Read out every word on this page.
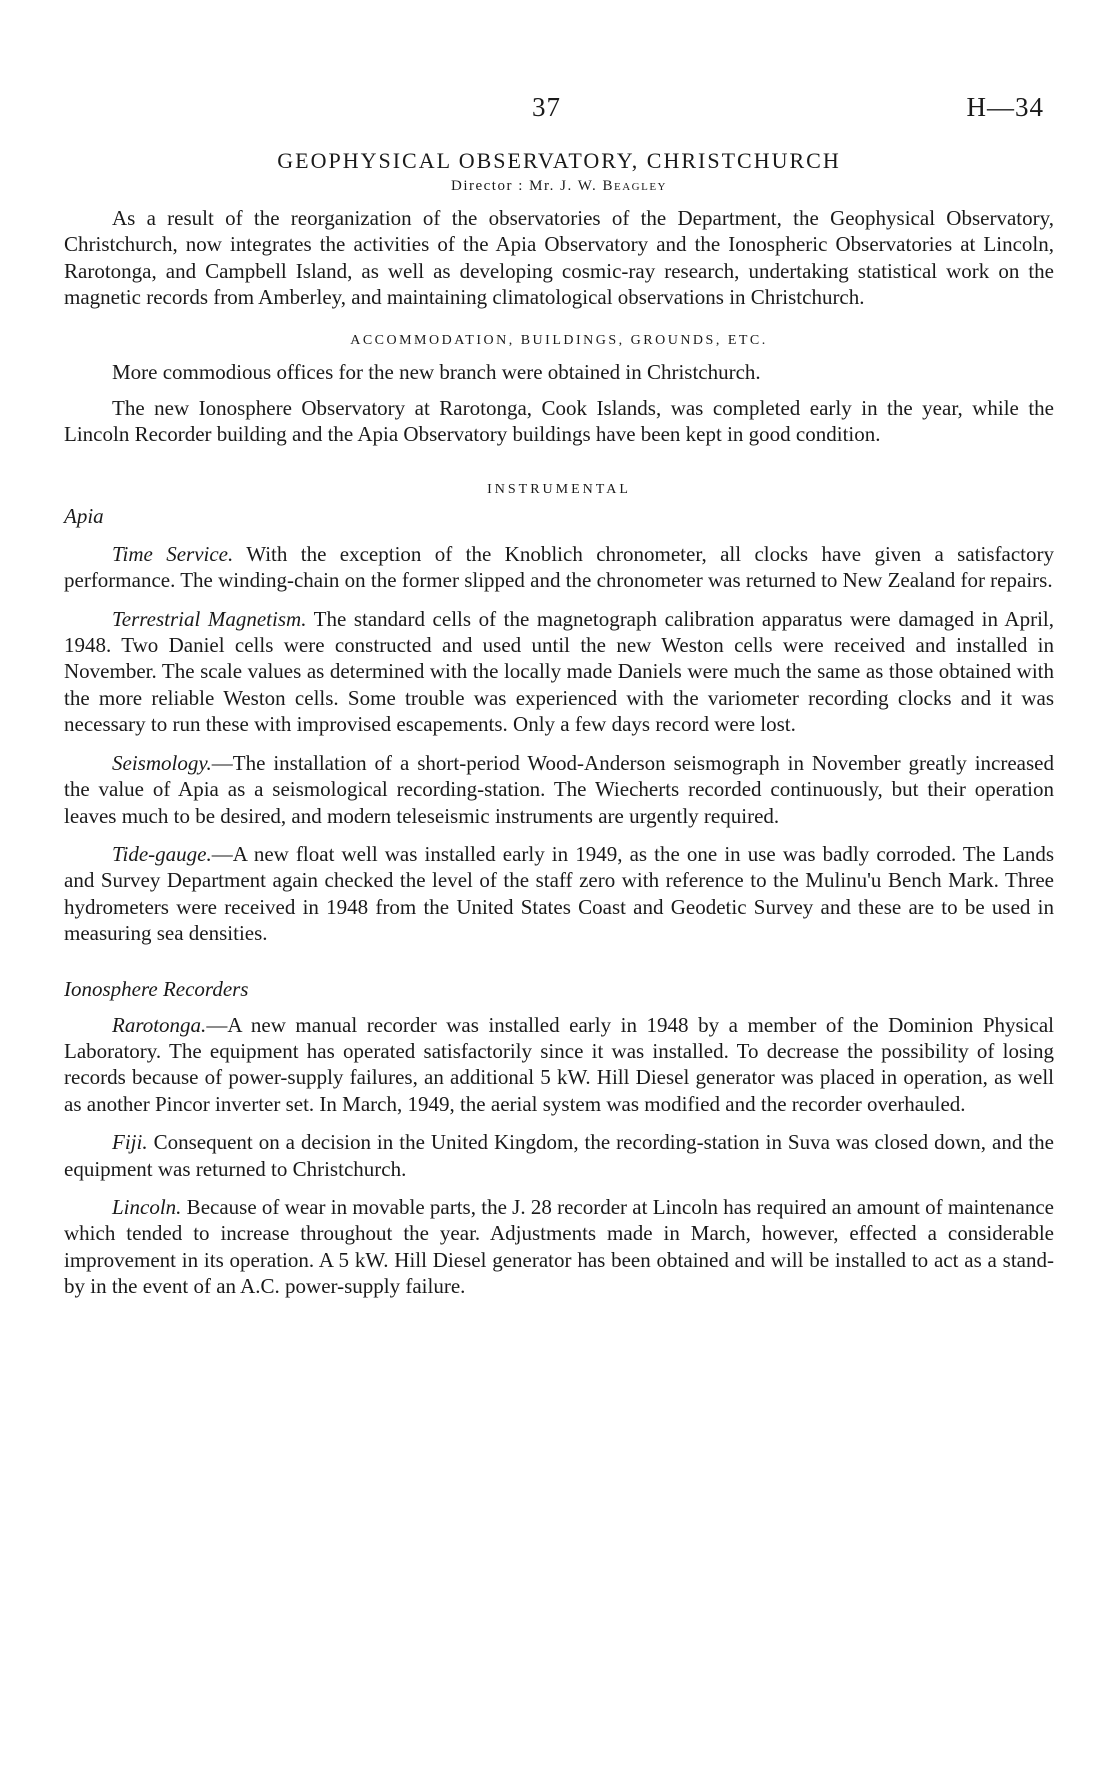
37	H—34
GEOPHYSICAL OBSERVATORY, CHRISTCHURCH
Director : Mr. J. W. Beagley

As a result of the reorganization of the observatories of the Department, the Geophysical Observatory, Christchurch, now integrates the activities of the Apia Observatory and the Ionospheric Observatories at Lincoln, Rarotonga, and Campbell Island, as well as developing cosmic-ray research, undertaking statistical work on the magnetic records from Amberley, and maintaining climatological observations in Christchurch.

ACCOMMODATION, BUILDINGS, GROUNDS, ETC.

More commodious offices for the new branch were obtained in Christchurch.

The new Ionosphere Observatory at Rarotonga, Cook Islands, was completed early in the year, while the Lincoln Recorder building and the Apia Observatory buildings have been kept in good condition.

INSTRUMENTAL
Apia

Time Service. With the exception of the Knoblich chronometer, all clocks have given a satisfactory performance. The winding-chain on the former slipped and the chronometer was returned to New Zealand for repairs.

Terrestrial Magnetism. The standard cells of the magnetograph calibration apparatus were damaged in April, 1948. Two Daniel cells were constructed and used until the new Weston cells were received and installed in November. The scale values as determined with the locally made Daniels were much the same as those obtained with the more reliable Weston cells. Some trouble was experienced with the variometer recording clocks and it was necessary to run these with improvised escapements. Only a few days record were lost.

Seismology.—The installation of a short-period Wood-Anderson seismograph in November greatly increased the value of Apia as a seismological recording-station. The Wiecherts recorded continuously, but their operation leaves much to be desired, and modern teleseismic instruments are urgently required.

Tide-gauge.—A new float well was installed early in 1949, as the one in use was badly corroded. The Lands and Survey Department again checked the level of the staff zero with reference to the Mulinu'u Bench Mark. Three hydrometers were received in 1948 from the United States Coast and Geodetic Survey and these are to be used in measuring sea densities.

Ionosphere Recorders

Rarotonga.—A new manual recorder was installed early in 1948 by a member of the Dominion Physical Laboratory. The equipment has operated satisfactorily since it was installed. To decrease the possibility of losing records because of power-supply failures, an additional 5 kW. Hill Diesel generator was placed in operation, as well as another Pincor inverter set. In March, 1949, the aerial system was modified and the recorder overhauled.

Fiji. Consequent on a decision in the United Kingdom, the recording-station in Suva was closed down, and the equipment was returned to Christchurch.

Lincoln. Because of wear in movable parts, the J. 28 recorder at Lincoln has required an amount of maintenance which tended to increase throughout the year. Adjustments made in March, however, effected a considerable improvement in its operation. A 5 kW. Hill Diesel generator has been obtained and will be installed to act as a stand-by in the event of an A.C. power-supply failure.
